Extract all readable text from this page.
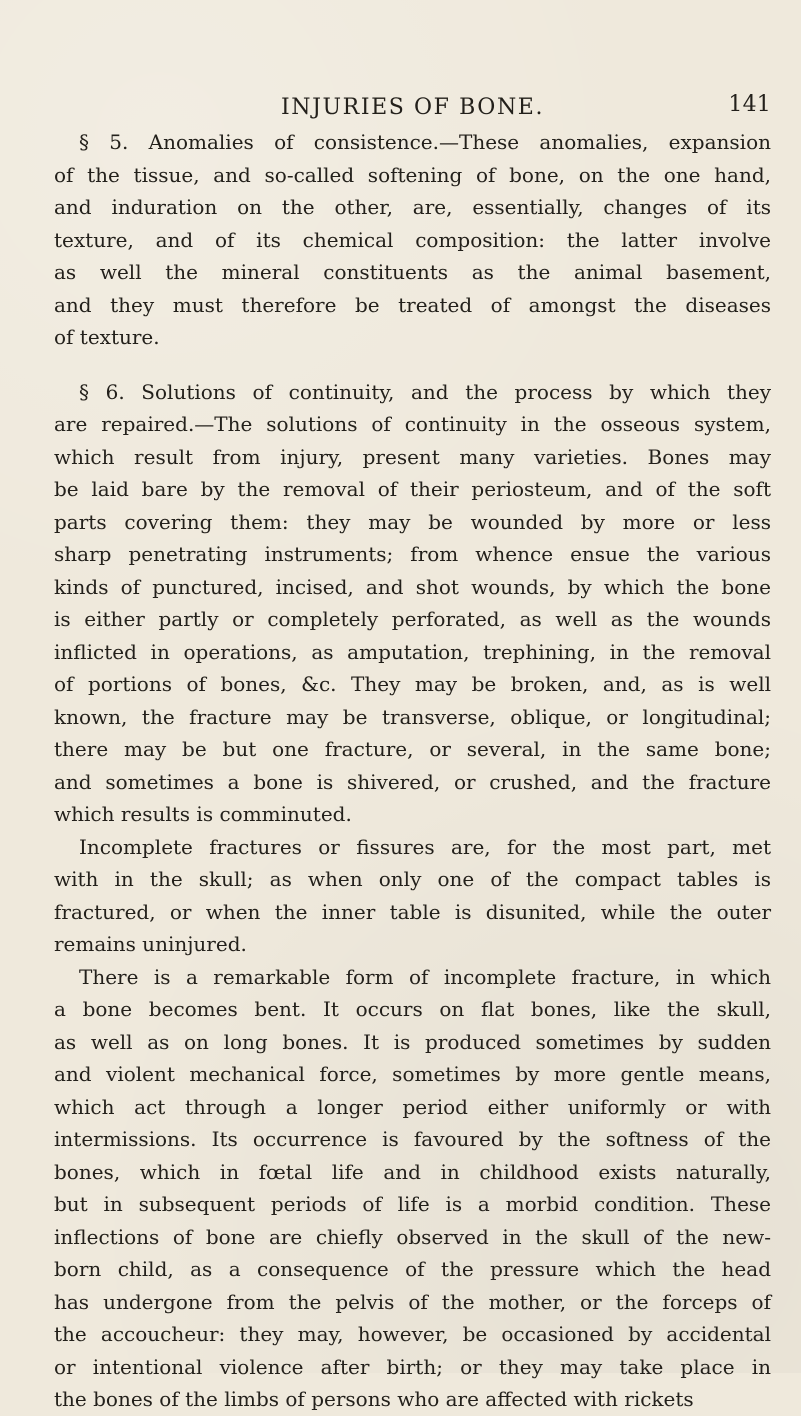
INJURIES OF BONE.	141
§ 5. Anomalies of consistence.—These anomalies, expansion
of the tissue, and so-called softening of bone, on the one hand,
and induration on the other, are, essentially, changes of its
texture, and of its chemical composition: the latter involve
as well the mineral constituents as the animal basement,
and they must therefore be treated of amongst the diseases
of texture.
§ 6. Solutions of continuity, and the process by which they
are repaired.—The solutions of continuity in the osseous system,
which result from injury, present many varieties. Bones may
be laid bare by the removal of their periosteum, and of the soft
parts covering them: they may be wounded by more or less
sharp penetrating instruments; from whence ensue the various
kinds of punctured, incised, and shot wounds, by which the bone
is either partly or completely perforated, as well as the wounds
inflicted in operations, as amputation, trephining, in the removal
of portions of bones, &c. They may be broken, and, as is well
known, the fracture may be transverse, oblique, or longitudinal;
there may be but one fracture, or several, in the same bone;
and sometimes a bone is shivered, or crushed, and the fracture
which results is comminuted.
Incomplete fractures or fissures are, for the most part, met
with in the skull; as when only one of the compact tables is
fractured, or when the inner table is disunited, while the outer
remains uninjured.
There is a remarkable form of incomplete fracture, in which
a bone becomes bent. It occurs on flat bones, like the skull,
as well as on long bones. It is produced sometimes by sudden
and violent mechanical force, sometimes by more gentle means,
which act through a longer period either uniformly or with
intermissions. Its occurrence is favoured by the softness of the
bones, which in fœtal life and in childhood exists naturally,
but in subsequent periods of life is a morbid condition. These
inflections of bone are chiefly observed in the skull of the new-
born child, as a consequence of the pressure which the head
has undergone from the pelvis of the mother, or the forceps of
the accoucheur: they may, however, be occasioned by accidental
or intentional violence after birth; or they may take place in
the bones of the limbs of persons who are affected with rickets
